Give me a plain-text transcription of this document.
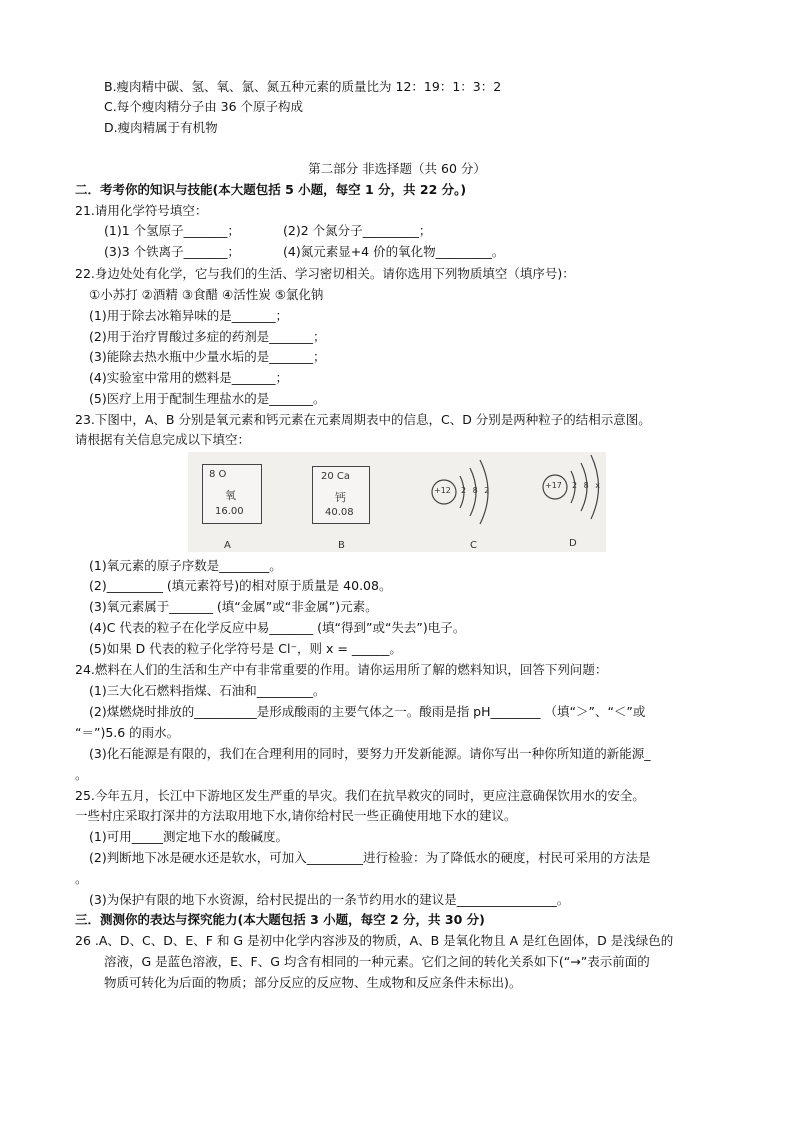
B.瘦肉精中碳、氢、氧、氯、氮五种元素的质量比为 12：19：1：3：2
C.每个瘦肉精分子由 36 个原子构成
D.瘦肉精属于有机物
第二部分 非选择题（共 60 分）
二．考考你的知识与技能(本大题包括 5 小题，每空 1 分，共 22 分。)
21.请用化学符号填空：
(1)1 个氢原子_______；	(2)2 个氮分子_________；
(3)3 个铁离子_______；	(4)氮元素显+4 价的氧化物_________。
22.身边处处有化学，它与我们的生活、学习密切相关。请你选用下列物质填空（填序号)：
①小苏打 ②酒精 ③食醋 ④活性炭 ⑤氯化钠
(1)用于除去冰箱异味的是_______；
(2)用于治疗胃酸过多症的药剂是_______；
(3)能除去热水瓶中少量水垢的是_______；
(4)实验室中常用的燃料是_______；
(5)医疗上用于配制生理盐水的是_______。
23.下图中，A、B 分别是氧元素和钙元素在元素周期表中的信息，C、D 分别是两种粒子的结相示意图。
请根据有关信息完成以下填空：
8 O
氧
16.00
20 Ca
钙
40.08
+12 2 8 2
+17 2 8 x
A	B	C	D
(1)氧元素的原子序数是________。
(2)_________ (填元素符号)的相对原于质量是 40.08。
(3)氧元素属于_______ (填“金属”或“非金属”)元素。
(4)C 代表的粒子在化学反应中易_______ (填“得到”或“失去”)电子。
(5)如果 D 代表的粒子化学符号是 Cl⁻，则 x = ______。
24.燃料在人们的生活和生产中有非常重要的作用。请你运用所了解的燃料知识，回答下列问题：
(1)三大化石燃料指煤、石油和_________。
(2)煤燃烧时排放的__________是形成酸雨的主要气体之一。酸雨是指 pH________ （填“＞”、“＜”或
“＝”)5.6 的雨水。
(3)化石能源是有限的，我们在合理利用的同时，要努力开发新能源。请你写出一种你所知道的新能源_
。
25.今年五月，长江中下游地区发生严重的旱灾。我们在抗旱救灾的同时，更应注意确保饮用水的安全。
一些村庄采取打深井的方法取用地下水,请你给村民一些正确使用地下水的建议。
(1)可用_____测定地下水的酸碱度。
(2)判断地下冰是硬水还是软水，可加入_________进行检验：为了降低水的硬度，村民可采用的方法是
。
(3)为保护有限的地下水资源，给村民提出的一条节约用水的建议是________________。
三．测测你的表达与探究能力(本大题包括 3 小题，每空 2 分，共 30 分)
26 .A、D、C、D、E、F 和 G 是初中化学内容涉及的物质，A、B 是氧化物且 A 是红色固体，D 是浅绿色的
溶液，G 是蓝色溶液，E、F、G 均含有相同的一种元素。它们之间的转化关系如下(“→”表示前面的
物质可转化为后面的物质；部分反应的反应物、生成物和反应条件未标出)。
